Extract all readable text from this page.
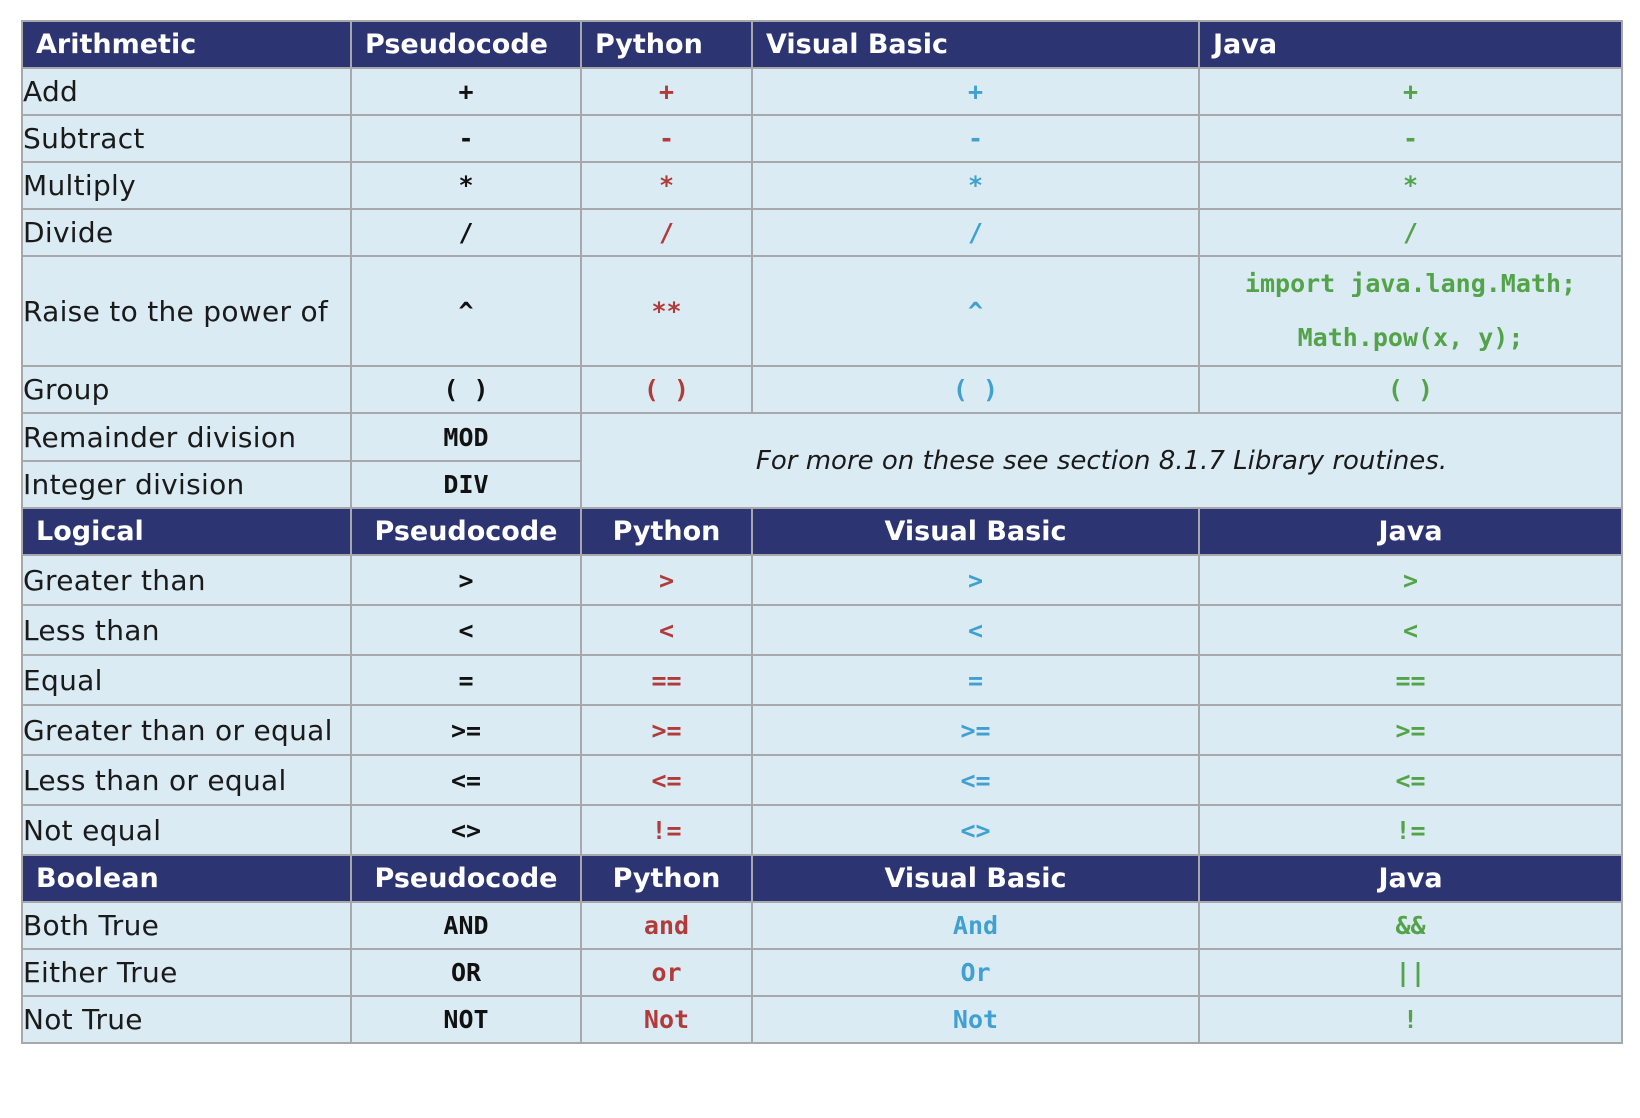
Arithmetic	Pseudocode	Python	Visual Basic	Java
Add	+	+	+	+
Subtract	-	-	-	-
Multiply	*	*	*	*
Divide	/	/	/	/
Raise to the power of	^	**	^	import java.lang.Math;
Math.pow(x, y);

Group	( )	( )	( )	( )
Remainder division	MOD	For more on these see section 8.1.7 Library routines.		
Integer division	DIV			
Logical	Pseudocode	Python	Visual Basic	Java
Greater than	>	>	>	>
Less than	<	<	<	<
Equal	=	==	=	==
Greater than or equal	>=	>=	>=	>=
Less than or equal	<=	<=	<=	<=
Not equal	<>	!=	<>	!=
Boolean	Pseudocode	Python	Visual Basic	Java
Both True	AND	and	And	&&
Either True	OR	or	Or	||
Not True	NOT	Not	Not	!
